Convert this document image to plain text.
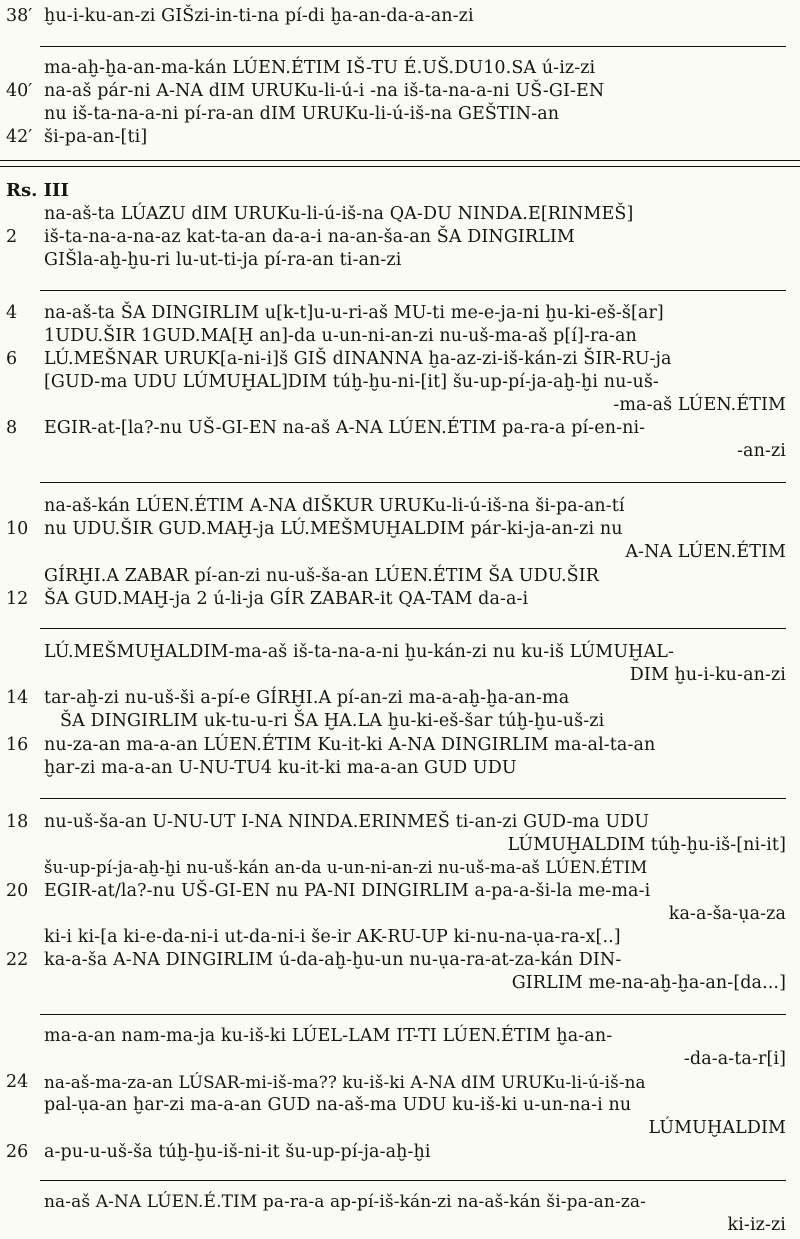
38′ ḫu-i-ku-an-zi GIŠzi-in-ti-na pí-di ḫa-an-da-a-an-zi
ma-aḫ-ḫa-an-ma-kán LÚEN.ÉTIM IŠ-TU É.UŠ.DU10.SA ú-iz-zi
40′ na-aš pár-ni A-NA dIM URUKu-li-ú-i -na iš-ta-na-a-ni UŠ-GI-EN
nu iš-ta-na-a-ni pí-ra-an dIM URUKu-li-ú-iš-na GEŠTIN-an
42′ ši-pa-an-[ti]
Rs. III
na-aš-ta LÚAZU dIM URUKu-li-ú-iš-na QA-DU NINDA.E[RINMEŠ]
2 iš-ta-na-a-na-az kat-ta-an da-a-i na-an-ša-an ŠA DINGIRLIM
GIŠla-aḫ-ḫu-ri lu-ut-ti-ja pí-ra-an ti-an-zi
4 na-aš-ta ŠA DINGIRLIM u[k-t]u-u-ri-aš MU-ti me-e-ja-ni ḫu-ki-eš-š[ar]
1UDU.ŠIR 1GUD.MA[Ḫ an]-da u-un-ni-an-zi nu-uš-ma-aš p[í]-ra-an
6 LÚ.MEŠNAR URUK[a-ni-i]š GIŠ dINANNA ḫa-az-zi-iš-kán-zi ŠIR-RU-ja
[GUD-ma UDU LÚMUḪAL]DIM túḫ-ḫu-ni-[it] šu-up-pí-ja-aḫ-ḫi nu-uš-
-ma-aš LÚEN.ÉTIM
8 EGIR-at-[la?-nu UŠ-GI-EN na-aš A-NA LÚEN.ÉTIM pa-ra-a pí-en-ni-
-an-zi
na-aš-kán LÚEN.ÉTIM A-NA dIŠKUR URUKu-li-ú-iš-na ši-pa-an-tí
10 nu UDU.ŠIR GUD.MAḪ-ja LÚ.MEŠMUḪALDIM pár-ki-ja-an-zi nu
A-NA LÚEN.ÉTIM
GÍRḪI.A ZABAR pí-an-zi nu-uš-ša-an LÚEN.ÉTIM ŠA UDU.ŠIR
12 ŠA GUD.MAḪ-ja 2 ú-li-ja GÍR ZABAR-it QA-TAM da-a-i
LÚ.MEŠMUḪALDIM-ma-aš iš-ta-na-a-ni ḫu-kán-zi nu ku-iš LÚMUḪAL-
DIM ḫu-i-ku-an-zi
14 tar-aḫ-zi nu-uš-ši a-pí-e GÍRḪI.A pí-an-zi ma-a-aḫ-ḫa-an-ma
ŠA DINGIRLIM uk-tu-u-ri ŠA ḪA.LA ḫu-ki-eš-šar túḫ-ḫu-uš-zi
16 nu-za-an ma-a-an LÚEN.ÉTIM Ku-it-ki A-NA DINGIRLIM ma-al-ta-an
ḫar-zi ma-a-an U-NU-TU4 ku-it-ki ma-a-an GUD UDU
18 nu-uš-ša-an U-NU-UT I-NA NINDA.ERINMEŠ ti-an-zi GUD-ma UDU
LÚMUḪALDIM túḫ-ḫu-iš-[ni-it]
šu-up-pí-ja-aḫ-ḫi nu-uš-kán an-da u-un-ni-an-zi nu-uš-ma-aš LÚEN.ÉTIM
20 EGIR-at/la?-nu UŠ-GI-EN nu PA-NI DINGIRLIM a-pa-a-ši-la me-ma-i
ka-a-ša-ụa-za
ki-i ki-[a ki-e-da-ni-i ut-da-ni-i še-ir AK-RU-UP ki-nu-na-ụa-ra-x[..]
22 ka-a-ša A-NA DINGIRLIM ú-da-aḫ-ḫu-un nu-ụa-ra-at-za-kán DIN-
GIRLIM me-na-aḫ-ḫa-an-[da...]
ma-a-an nam-ma-ja ku-iš-ki LÚEL-LAM IT-TI LÚEN.ÉTIM ḫa-an-
-da-a-ta-r[i]
24 na-aš-ma-za-an LÚSAR-mi-iš-ma?? ku-iš-ki A-NA dIM URUKu-li-ú-iš-na
pal-ụa-an ḫar-zi ma-a-an GUD na-aš-ma UDU ku-iš-ki u-un-na-i nu
LÚMUḪALDIM
26 a-pu-u-uš-ša túḫ-ḫu-iš-ni-it šu-up-pí-ja-aḫ-ḫi
na-aš A-NA LÚEN.É.TIM pa-ra-a ap-pí-iš-kán-zi na-aš-kán ši-pa-an-za-
ki-iz-zi
